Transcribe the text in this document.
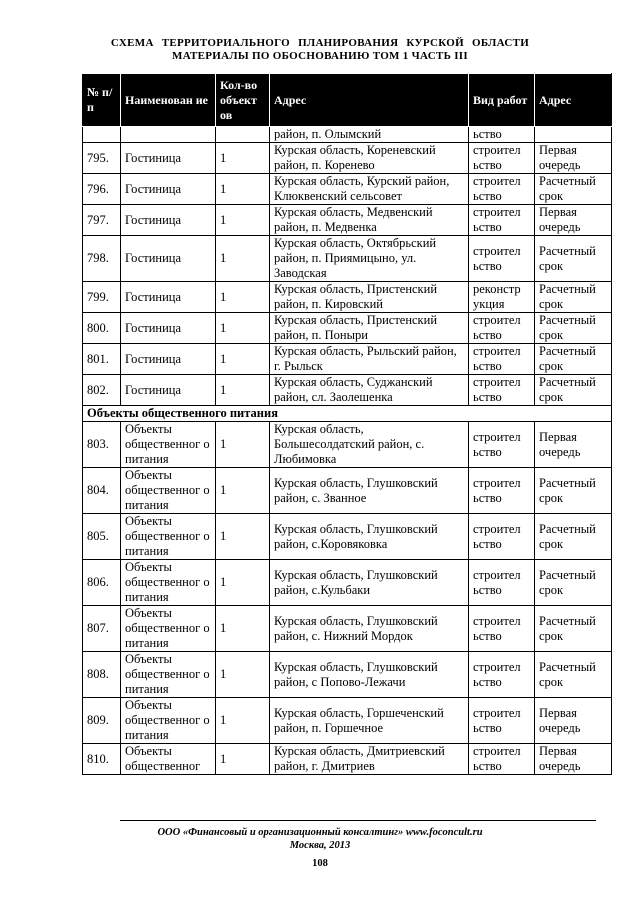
СХЕМА ТЕРРИТОРИАЛЬНОГО ПЛАНИРОВАНИЯ КУРСКОЙ ОБЛАСТИ
МАТЕРИАЛЫ ПО ОБОСНОВАНИЮ ТОМ 1 ЧАСТЬ III
№ п/п	Наименован ие	Кол-во объект ов	Адрес	Вид работ	Адрес
			район, п. Олымский	ьство	
795.	Гостиница	1	Курская область, Кореневский район, п. Коренево	строител ьство	Первая очередь
796.	Гостиница	1	Курская область, Курский район, Клюквенский сельсовет	строител ьство	Расчетный срок
797.	Гостиница	1	Курская область, Медвенский район, п. Медвенка	строител ьство	Первая очередь
798.	Гостиница	1	Курская область, Октябрьский район, п. Приямицыно, ул. Заводская	строител ьство	Расчетный срок
799.	Гостиница	1	Курская область, Пристенский район, п. Кировский	реконстр укция	Расчетный срок
800.	Гостиница	1	Курская область, Пристенский район, п. Поныри	строител ьство	Расчетный срок
801.	Гостиница	1	Курская область, Рыльский район, г. Рыльск	строител ьство	Расчетный срок
802.	Гостиница	1	Курская область, Суджанский район, сл. Заолешенка	строител ьство	Расчетный срок
Объекты общественного питания					
803.	Объекты общественног о питания	1	Курская область, Большесолдатский район, с. Любимовка	строител ьство	Первая очередь
804.	Объекты общественног о питания	1	Курская область, Глушковский район, с. Званное	строител ьство	Расчетный срок
805.	Объекты общественног о питания	1	Курская область, Глушковский район, с.Коровяковка	строител ьство	Расчетный срок
806.	Объекты общественног о питания	1	Курская область, Глушковский район, с.Кульбаки	строител ьство	Расчетный срок
807.	Объекты общественног о питания	1	Курская область, Глушковский район, с. Нижний Мордок	строител ьство	Расчетный срок
808.	Объекты общественног о питания	1	Курская область, Глушковский район, с Попово-Лежачи	строител ьство	Расчетный срок
809.	Объекты общественног о питания	1	Курская область, Горшеченский район, п. Горшечное	строител ьство	Первая очередь
810.	Объекты общественног	1	Курская область, Дмитриевский район, г. Дмитриев	строител ьство	Первая очередь
ООО «Финансовый и организационный консалтинг» www.foconcult.ru
Москва, 2013
108
